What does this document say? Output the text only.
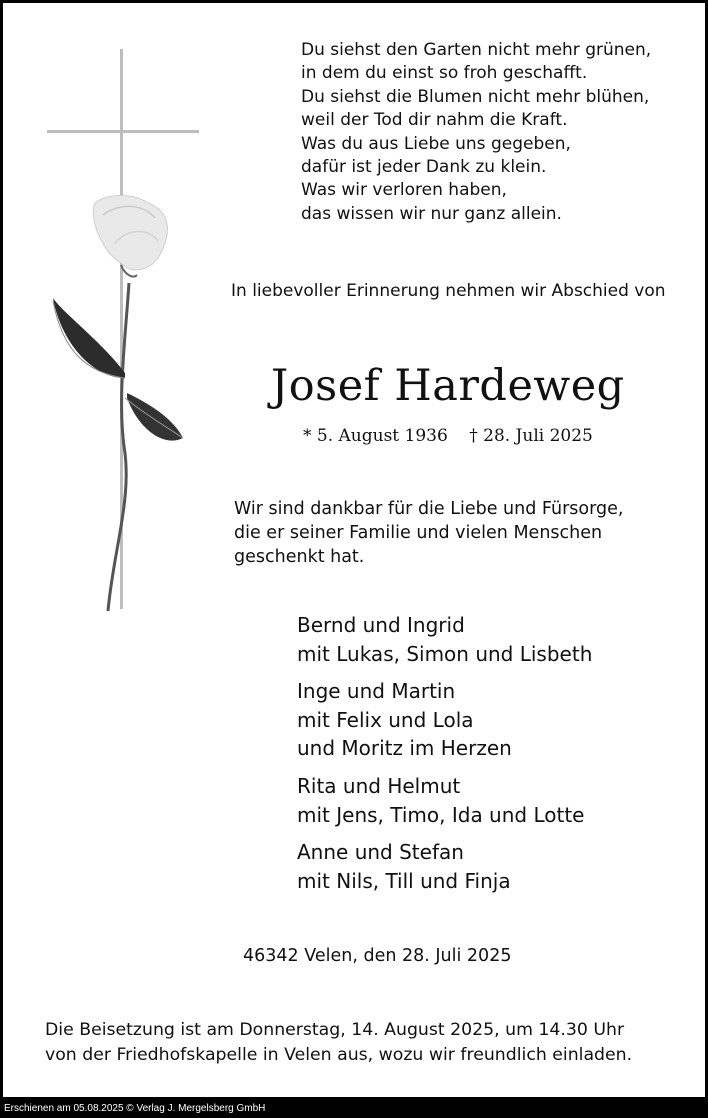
Du siehst den Garten nicht mehr grünen,
in dem du einst so froh geschafft.
Du siehst die Blumen nicht mehr blühen,
weil der Tod dir nahm die Kraft.
Was du aus Liebe uns gegeben,
dafür ist jeder Dank zu klein.
Was wir verloren haben,
das wissen wir nur ganz allein.
In liebevoller Erinnerung nehmen wir Abschied von
Josef Hardeweg
* 5. August 1936 † 28. Juli 2025
Wir sind dankbar für die Liebe und Fürsorge,
die er seiner Familie und vielen Menschen
geschenkt hat.
Bernd und Ingrid
mit Lukas, Simon und Lisbeth
Inge und Martin
mit Felix und Lola
und Moritz im Herzen
Rita und Helmut
mit Jens, Timo, Ida und Lotte
Anne und Stefan
mit Nils, Till und Finja
46342 Velen, den 28. Juli 2025
Die Beisetzung ist am Donnerstag, 14. August 2025, um 14.30 Uhr
von der Friedhofskapelle in Velen aus, wozu wir freundlich einladen.
Erschienen am 05.08.2025 © Verlag J. Mergelsberg GmbH
